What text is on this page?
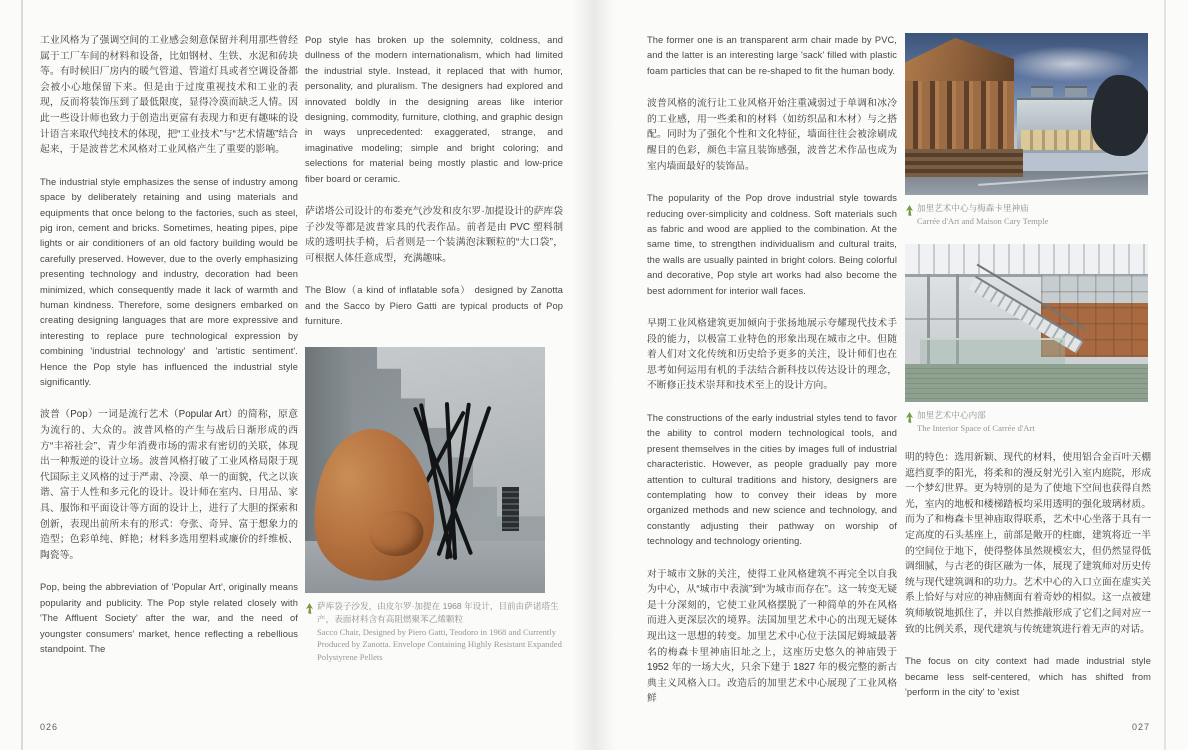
工业风格为了强调空间的工业感会刻意保留并利用那些曾经属于工厂车间的材料和设备，比如钢材、生铁、水泥和砖块等。有时候旧厂房内的暖气管道、管道灯具或者空调设备都会被小心地保留下来。但是由于过度重视技术和工业的表现，反而将装饰压到了最低限度，显得冷漠而缺乏人情。因此一些设计师也致力于创造出更富有表现力和更有趣味的设计语言来取代纯技术的体现，把“工业技术”与“艺术情趣”结合起来，于是波普艺术风格对工业风格产生了重要的影响。

The industrial style emphasizes the sense of industry among space by deliberately retaining and using materials and equipments that once belong to the factories, such as steel, pig iron, cement and bricks. Sometimes, heating pipes, pipe lights or air conditioners of an old factory building would be carefully preserved. However, due to the overly emphasizing presenting technology and industry, decoration had been minimized, which consequently made it lack of warmth and human kindness. Therefore, some designers embarked on creating designing languages that are more expressive and interesting to replace pure technological expression by combining 'industrial technology' and 'artistic sentiment'. Hence the Pop style has influenced the industrial style significantly.

波普（Pop）一词是流行艺术（Popular Art）的简称，原意为流行的、大众的。波普风格的产生与战后日渐形成的西方“丰裕社会”、青少年消费市场的需求有密切的关联，体现出一种叛逆的设计立场。波普风格打破了工业风格局限于现代国际主义风格的过于严肃、冷漠、单一的面貌，代之以诙谐、富于人性和多元化的设计。设计师在室内、日用品、家具、服饰和平面设计等方面的设计上，进行了大胆的探索和创新，表现出前所未有的形式：夸张、奇异、富于想象力的造型；色彩单纯、鲜艳；材料多选用塑料或廉价的纤维板、陶瓷等。

Pop, being the abbreviation of 'Popular Art', originally means popularity and publicity. The Pop style related closely with 'The Affluent Society' after the war, and the need of youngster consumers' market, hence reflecting a rebellious standpoint. The

Pop style has broken up the solemnity, coldness, and dullness of the modern internationalism, which had limited the industrial style. Instead, it replaced that with humor, personality, and pluralism. The designers had explored and innovated boldly in the designing areas like interior designing, commodity, furniture, clothing, and graphic design in ways unprecedented: exaggerated, strange, and imaginative modeling; simple and bright coloring; and selections for material being mostly plastic and low-price fiber board or ceramic.

萨诺塔公司设计的布娄充气沙发和皮尔罗·加提设计的萨库袋子沙发等都是波普家具的代表作品。前者是由 PVC 塑料制成的透明扶手椅，后者则是一个装满泡沫颗粒的“大口袋”，可根据人体任意成型，充满趣味。

The Blow（a kind of inflatable sofa） designed by Zanotta and the Sacco by Piero Gatti are typical products of Pop furniture.

萨库袋子沙发，由皮尔罗·加提在 1968 年设计，目前由萨诺塔生产，表面材料含有高阻燃聚苯乙烯颗粒
Sacco Chair, Designed by Piero Gatti, Teodoro in 1968 and Currently Produced by Zanotta. Envelope Containing Highly Resistant Expanded Polystyrene Pellets

The former one is an transparent arm chair made by PVC, and the latter is an interesting large 'sack' filled with plastic foam particles that can be re-shaped to fit the human body.

波普风格的流行让工业风格开始注重减弱过于单调和冰冷的工业感，用一些柔和的材料（如纺织品和木材）与之搭配。同时为了强化个性和文化特征，墙面往往会被涂刷成醒目的色彩，颜色丰富且装饰感强，波普艺术作品也成为室内墙面最好的装饰品。

The popularity of the Pop drove industrial style towards reducing over-simplicity and coldness. Soft materials such as fabric and wood are applied to the combination. At the same time, to strengthen individualism and cultural traits, the walls are usually painted in bright colors. Being colorful and decorative, Pop style art works had also become the best adornment for interior wall faces.

早期工业风格建筑更加倾向于张扬地展示夸耀现代技术手段的能力，以极富工业特色的形象出现在城市之中。但随着人们对文化传统和历史给予更多的关注，设计师们也在思考如何运用有机的手法结合新科技以传达设计的理念，不断修正技术崇拜和技术至上的设计方向。

The constructions of the early industrial styles tend to favor the ability to control modern technological tools, and present themselves in the cities by images full of industrial characteristic. However, as people gradually pay more attention to cultural traditions and history, designers are contemplating how to convey their ideas by more organized methods and new science and technology, and constantly adjusting their pathway on worship of technology and technology orienting.

对于城市文脉的关注，使得工业风格建筑不再完全以自我为中心，从“城市中表演”到“为城市而存在”。这一转变无疑是十分深刻的，它使工业风格摆脱了一种简单的外在风格而进入更深层次的境界。法国加里艺术中心的出现无疑体现出这一思想的转变。加里艺术中心位于法国尼姆城最著名的梅森卡里神庙旧址之上，这座历史悠久的神庙毁于 1952 年的一场大火，只余下建于 1827 年的极完整的新古典主义风格入口。改造后的加里艺术中心展现了工业风格鲜

加里艺术中心与梅森卡里神庙
Carrée d'Art and Maison Cary Temple
加里艺术中心内部
The Interior Space of Carrée d'Art

明的特色：选用新颖、现代的材料，使用铝合金百叶天棚遮挡夏季的阳光，将柔和的漫反射光引入室内庭院，形成一个梦幻世界。更为特别的是为了使地下空间也获得自然光，室内的地板和楼梯踏板均采用透明的强化玻璃材质。而为了和梅森卡里神庙取得联系，艺术中心坐落于具有一定高度的石头基座上，前部是敞开的柱廊，建筑将近一半的空间位于地下，使得整体虽然规模宏大，但仍然显得低调细腻，与古老的街区融为一体，展现了建筑师对历史传统与现代建筑调和的功力。艺术中心的入口立面在虚实关系上恰好与对应的神庙侧面有着奇妙的相似。这一点被建筑师敏锐地抓住了，并以自然推敲形成了它们之间对应一致的比例关系，现代建筑与传统建筑进行着无声的对话。

The focus on city context had made industrial style became less self-centered, which has shifted from 'perform in the city' to 'exist

026	027
